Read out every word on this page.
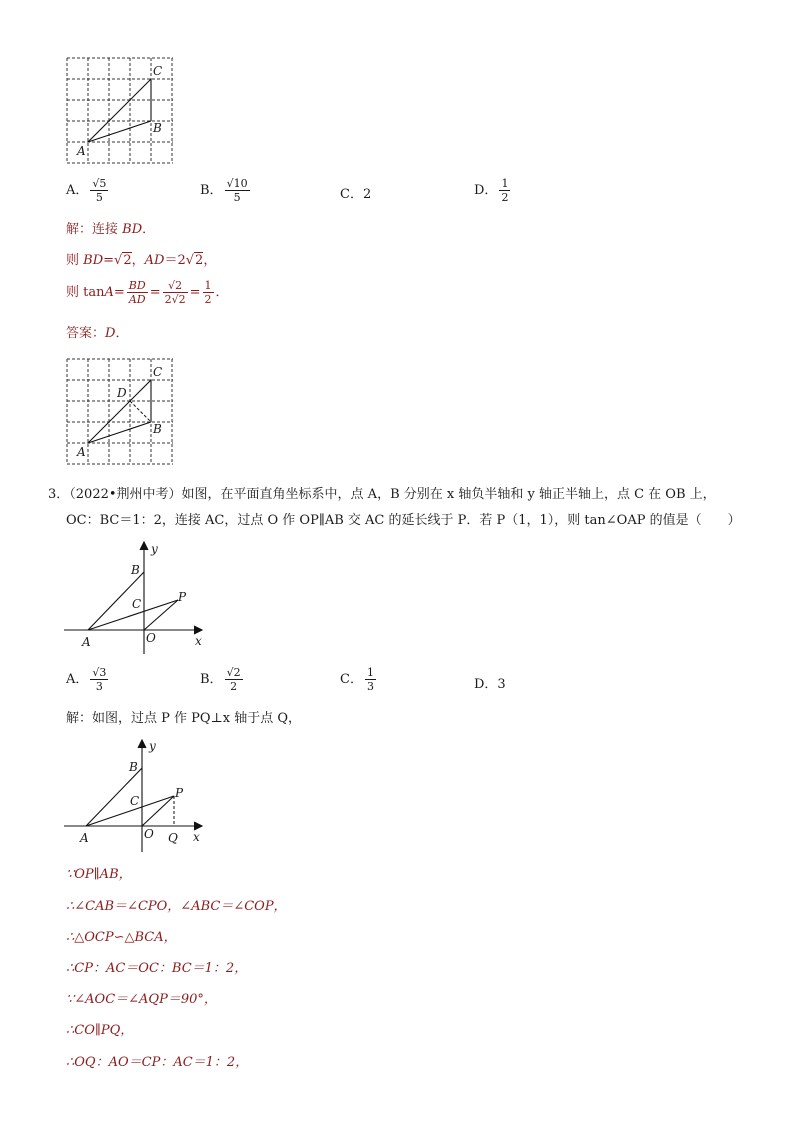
C
B
A
A． $\frac{√5}{5}$	B． $\frac{√10}{5}$	C．2	D． $\frac{1}{2}$
解：连接 BD．
则 BD=√2，AD＝2√2，
则 $\tan A= \frac{BD}{AD} = \frac{√2}{2√2} = \frac{1}{2}$ ．
答案：D．
C
D
B
A
3．（2022•荆州中考）如图，在平面直角坐标系中，点 A，B 分别在 x 轴负半轴和 y 轴正半轴上，点 C 在 OB 上，
OC：BC＝1：2，连接 AC，过点 O 作 OP∥AB 交 AC 的延长线于 P．若 P（1，1），则 tan∠OAP 的值是（　　）
y
B
C	P
A	O	x
A． $\frac{√3}{3}$	B． $\frac{√2}{2}$	C． $\frac{1}{3}$	D．3
解：如图，过点 P 作 PQ⊥x 轴于点 Q，
y
B
C
P
A	O Q x
∵OP∥AB，
∴∠CAB＝∠CPO，∠ABC＝∠COP，
∴△OCP∽△BCA，
∴CP：AC＝OC：BC＝1：2，
∵∠AOC＝∠AQP＝90°，
∴CO∥PQ，
∴OQ：AO＝CP：AC＝1：2，
